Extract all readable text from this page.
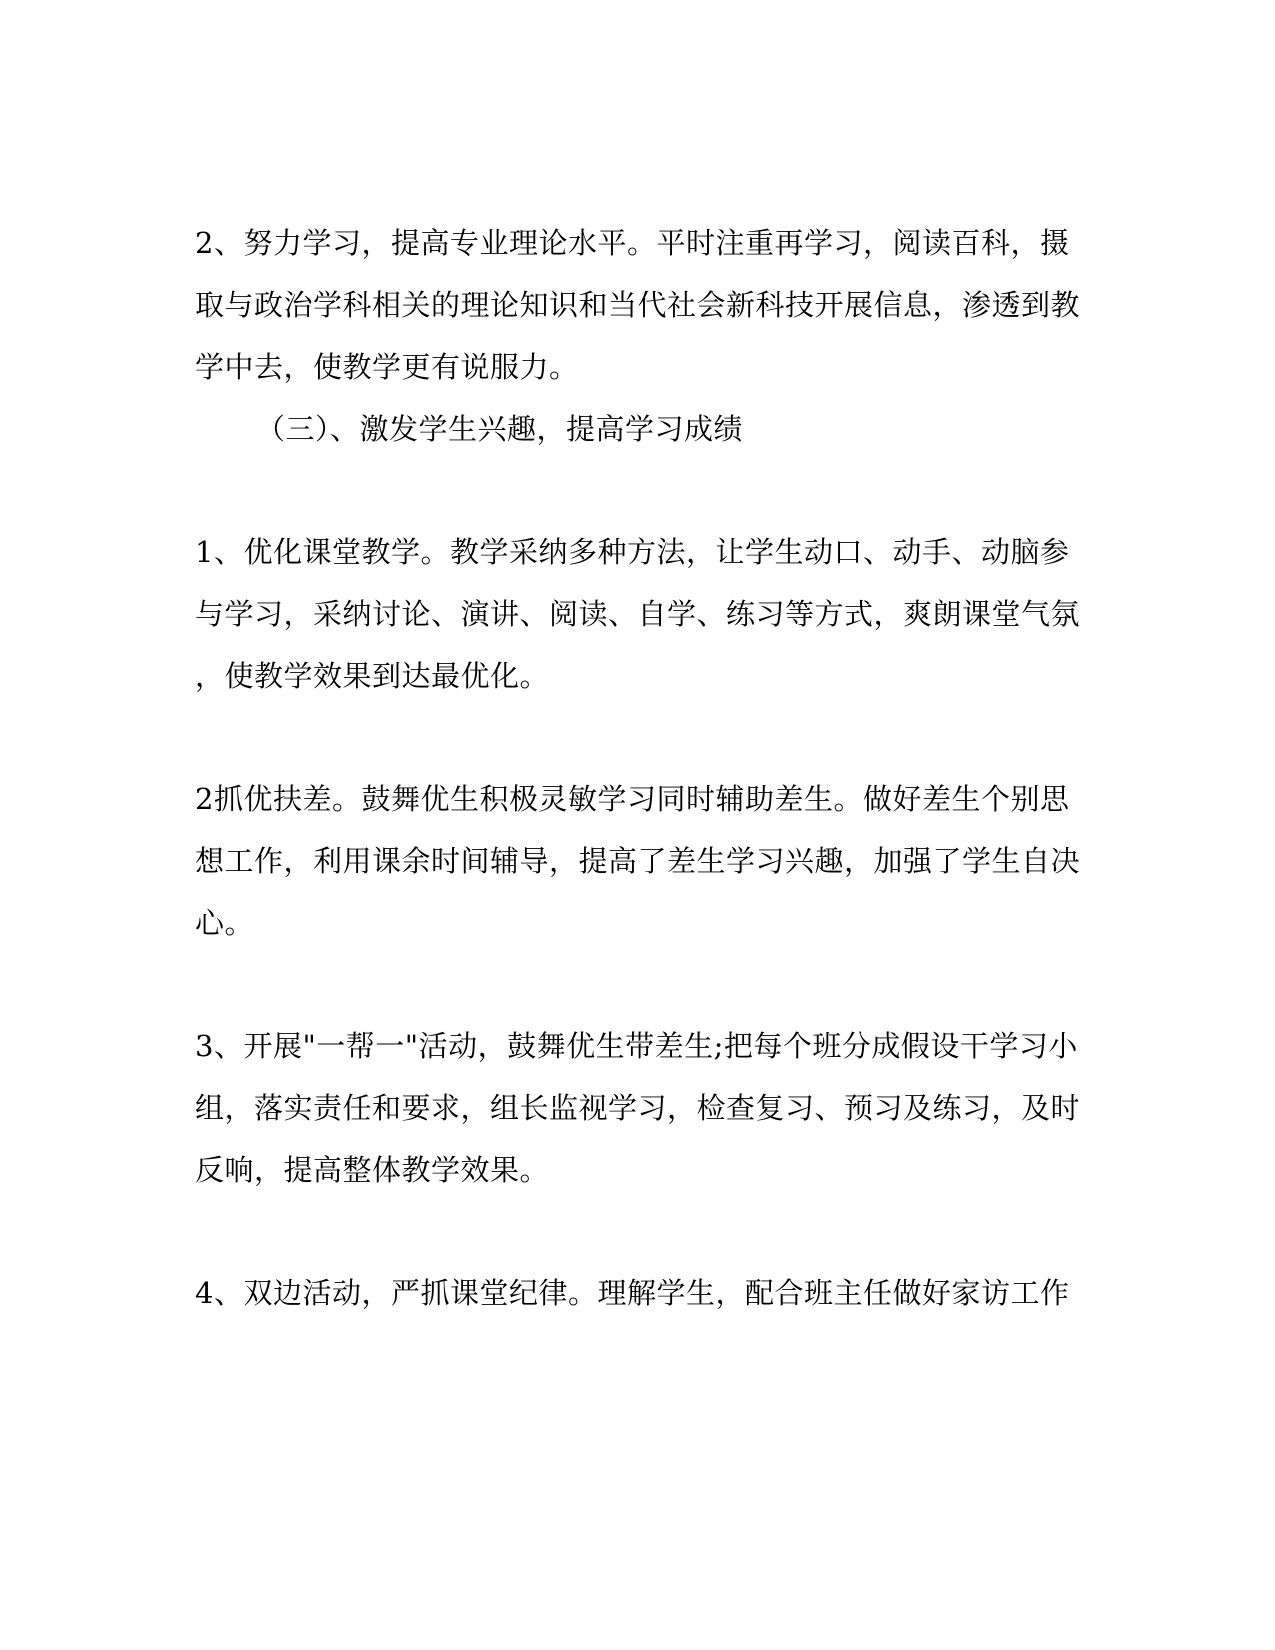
2、努力学习，提高专业理论水平。平时注重再学习，阅读百科，摄
取与政治学科相关的理论知识和当代社会新科技开展信息，渗透到教
学中去，使教学更有说服力。
（三）、激发学生兴趣，提高学习成绩
1、优化课堂教学。教学采纳多种方法，让学生动口、动手、动脑参
与学习，采纳讨论、演讲、阅读、自学、练习等方式，爽朗课堂气氛
，使教学效果到达最优化。
2抓优扶差。鼓舞优生积极灵敏学习同时辅助差生。做好差生个别思
想工作，利用课余时间辅导，提高了差生学习兴趣，加强了学生自决
心。
3、开展"一帮一"活动，鼓舞优生带差生;把每个班分成假设干学习小
组，落实责任和要求，组长监视学习，检查复习、预习及练习，及时
反响，提高整体教学效果。
4、双边活动，严抓课堂纪律。理解学生，配合班主任做好家访工作
